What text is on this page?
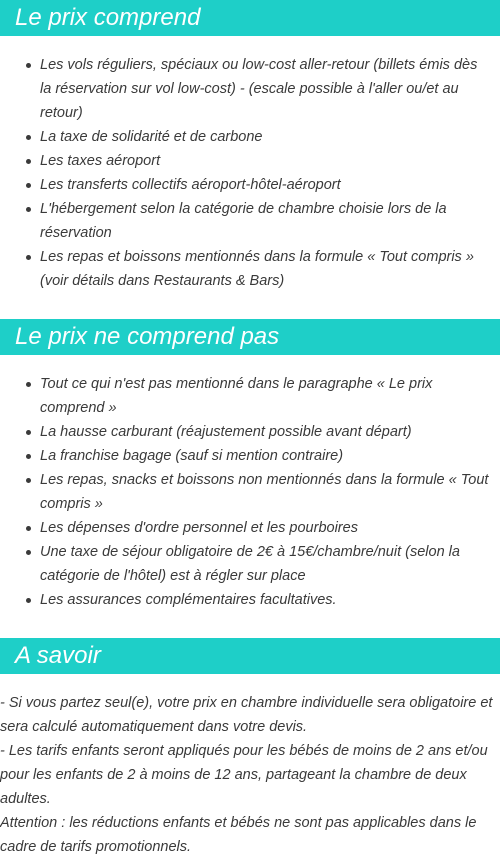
Le prix comprend
Les vols réguliers, spéciaux ou low-cost aller-retour (billets émis dès la réservation sur vol low-cost) - (escale possible à l'aller ou/et au retour)
La taxe de solidarité et de carbone
Les taxes aéroport
Les transferts collectifs aéroport-hôtel-aéroport
L'hébergement selon la catégorie de chambre choisie lors de la réservation
Les repas et boissons mentionnés dans la formule « Tout compris » (voir détails dans Restaurants & Bars)
Le prix ne comprend pas
Tout ce qui n'est pas mentionné dans le paragraphe « Le prix comprend »
La hausse carburant (réajustement possible avant départ)
La franchise bagage (sauf si mention contraire)
Les repas, snacks et boissons non mentionnés dans la formule « Tout compris »
Les dépenses d'ordre personnel et les pourboires
Une taxe de séjour obligatoire de 2€ à 15€/chambre/nuit (selon la catégorie de l'hôtel) est à régler sur place
Les assurances complémentaires facultatives.
A savoir

- Si vous partez seul(e), votre prix en chambre individuelle sera obligatoire et sera calculé automatiquement dans votre devis.

- Les tarifs enfants seront appliqués pour les bébés de moins de 2 ans et/ou pour les enfants de 2 à moins de 12 ans, partageant la chambre de deux adultes.

Attention : les réductions enfants et bébés ne sont pas applicables dans le cadre de tarifs promotionnels.
